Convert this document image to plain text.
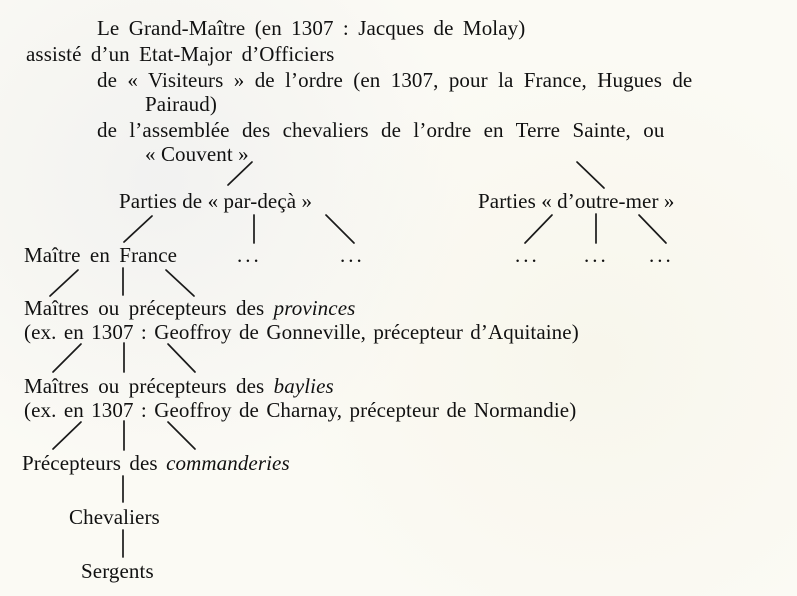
Le Grand-Maître (en 1307 : Jacques de Molay)
assisté d’un Etat-Major d’Officiers
de « Visiteurs » de l’ordre (en 1307, pour la France, Hugues de
Pairaud)
de l’assemblée des chevaliers de l’ordre en Terre Sainte, ou
« Couvent »
Parties de « par-deçà »	Parties « d’outre-mer »
Maître en France	...	...	... ... ...
Maîtres ou précepteurs des provinces
(ex. en 1307 : Geoffroy de Gonneville, précepteur d’Aquitaine)
Maîtres ou précepteurs des baylies
(ex. en 1307 : Geoffroy de Charnay, précepteur de Normandie)
Précepteurs des commanderies
Chevaliers
Sergents
